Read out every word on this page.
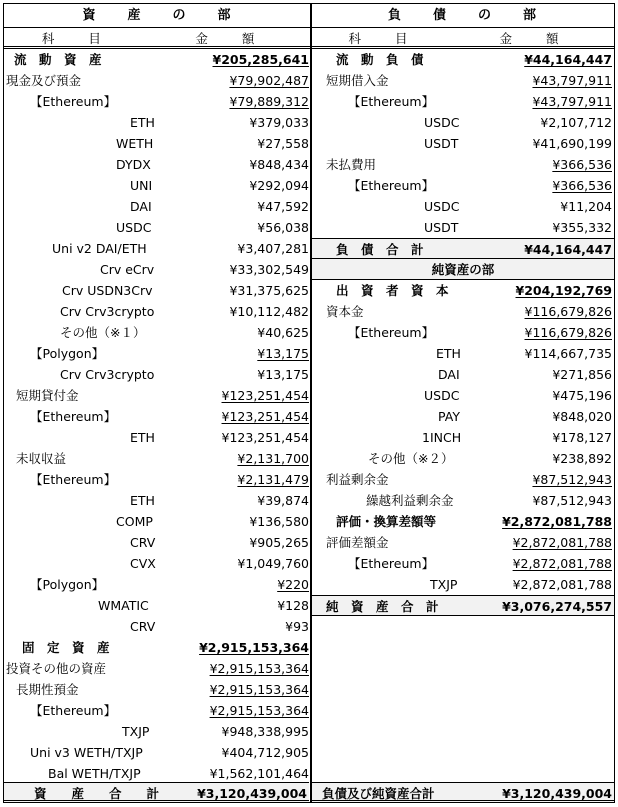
資　　産　　の　　部
科目	金額
流　動　資　産	¥205,285,641
現金及び預金	¥79,902,487
【Ethereum】	¥79,889,312
ETH	¥379,033
WETH	¥27,558
DYDX	¥848,434
UNI	¥292,094
DAI	¥47,592
USDC	¥56,038
Uni v2 DAI/ETH	¥3,407,281
Crv eCrv	¥33,302,549
Crv USDN3Crv	¥31,375,625
Crv Crv3crypto	¥10,112,482
その他（※１）	¥40,625
【Polygon】	¥13,175
Crv Crv3crypto	¥13,175
短期貸付金	¥123,251,454
【Ethereum】	¥123,251,454
ETH	¥123,251,454
未収収益	¥2,131,700
【Ethereum】	¥2,131,479
ETH	¥39,874
COMP	¥136,580
CRV	¥905,265
CVX	¥1,049,760
【Polygon】	¥220
WMATIC	¥128
CRV	¥93
固　定　資　産	¥2,915,153,364
投資その他の資産	¥2,915,153,364
長期性預金	¥2,915,153,364
【Ethereum】	¥2,915,153,364
TXJP	¥948,338,995
Uni v3 WETH/TXJP	¥404,712,905
Bal WETH/TXJP	¥1,562,101,464
資　　産　　合　　計	¥3,120,439,004
負　　債　　の　　部
科目	金額
流　動　負　債	¥44,164,447
短期借入金	¥43,797,911
【Ethereum】	¥43,797,911
USDC	¥2,107,712
USDT	¥41,690,199
未払費用	¥366,536
【Ethereum】	¥366,536
USDC	¥11,204
USDT	¥355,332
負　債　合　計	¥44,164,447
純資産の部
出　資　者　資　本	¥204,192,769
資本金	¥116,679,826
【Ethereum】	¥116,679,826
ETH	¥114,667,735
DAI	¥271,856
USDC	¥475,196
PAY	¥848,020
1INCH	¥178,127
その他（※２）	¥238,892
利益剰余金	¥87,512,943
繰越利益剰余金	¥87,512,943
評価・換算差額等	¥2,872,081,788
評価差額金	¥2,872,081,788
【Ethereum】	¥2,872,081,788
TXJP	¥2,872,081,788
純　資　産　合　計	¥3,076,274,557
負債及び純資産合計	¥3,120,439,004
